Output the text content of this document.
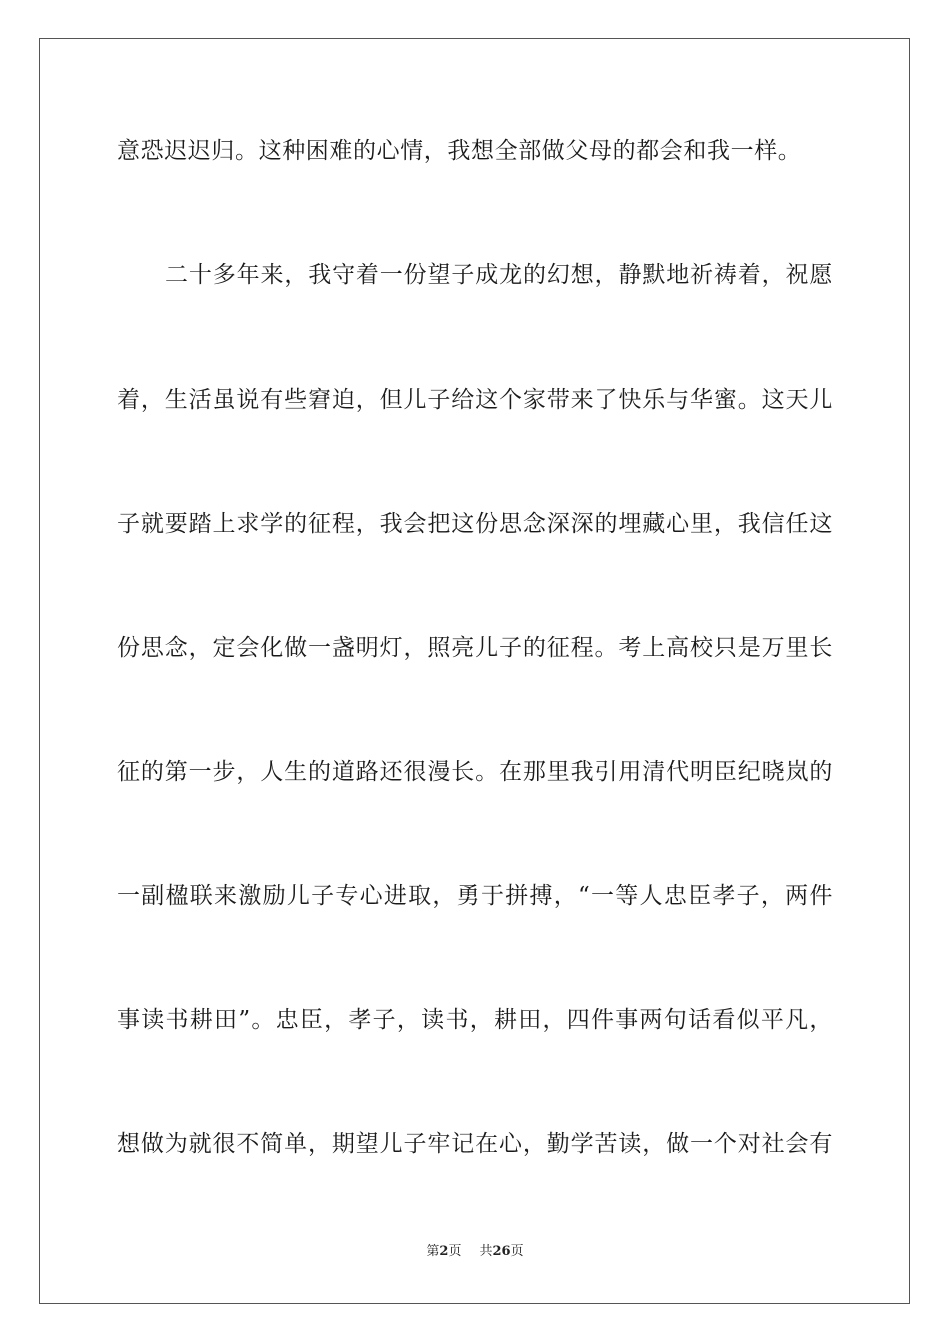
意恐迟迟归。这种困难的心情，我想全部做父母的都会和我一样。
二十多年来，我守着一份望子成龙的幻想，静默地祈祷着，祝愿
着，生活虽说有些窘迫，但儿子给这个家带来了快乐与华蜜。这天儿
子就要踏上求学的征程，我会把这份思念深深的埋藏心里，我信任这
份思念，定会化做一盏明灯，照亮儿子的征程。考上高校只是万里长
征的第一步，人生的道路还很漫长。在那里我引用清代明臣纪晓岚的
一副楹联来激励儿子专心进取，勇于拼搏，“一等人忠臣孝子，两件
事读书耕田”。忠臣，孝子，读书，耕田，四件事两句话看似平凡，
想做为就很不简单，期望儿子牢记在心，勤学苦读，做一个对社会有
第2页 共26页
